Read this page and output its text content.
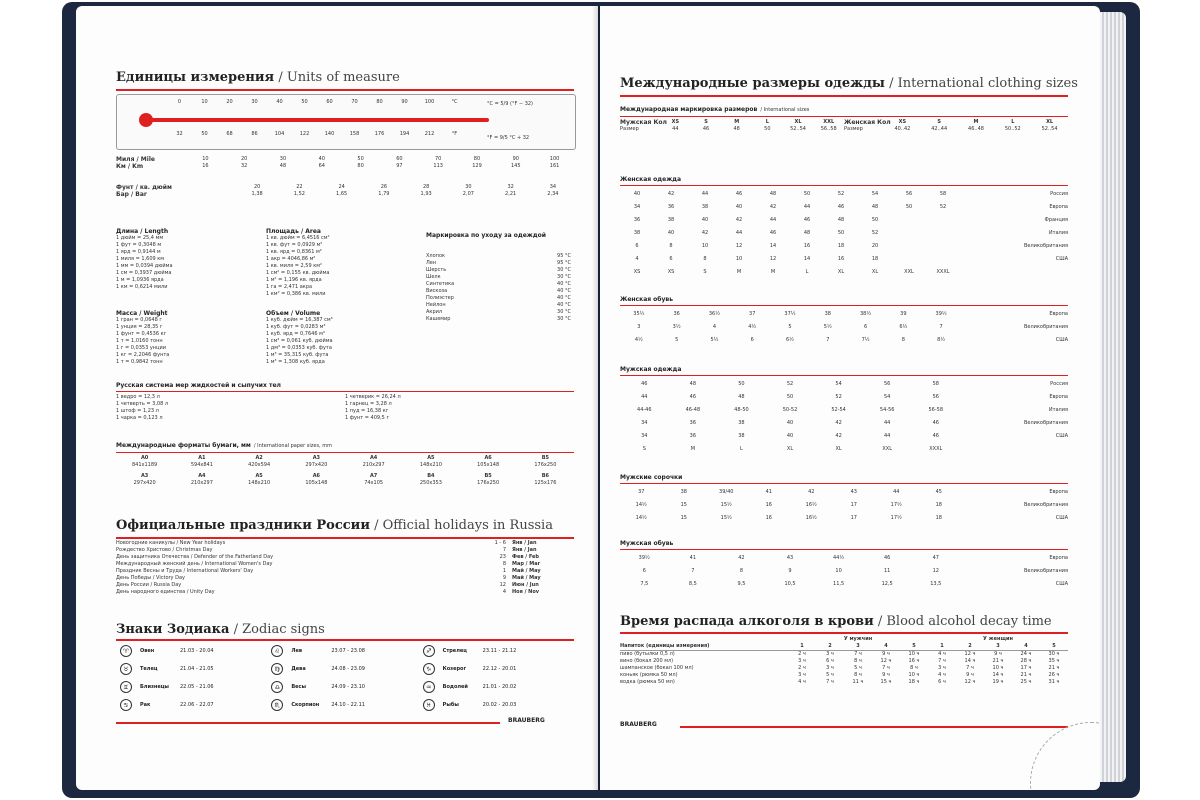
Единицы измерения / Units of measure
0	10	20	30	40	50	60	70	80	90	100	°C
32	50	68	86	104	122	140	158	176	194	212	°F
°C = 5/9 (°F − 32)
°F = 9/5 °C + 32
Миля / Mile	10	20	30	40	50	60	70	80	90	100
Км / Km	16	32	48	64	80	97	113	129	145	161
Фунт / кв. дюйм	20	22	24	26	28	30	32	34
Бар / Bar	1,38	1,52	1,65	1,79	1,93	2,07	2,21	2,34
Длина / Length
1 дюйм = 25,4 мм
1 фут = 0,3048 м
1 ярд = 0,9144 м
1 миля = 1,609 км
1 мм = 0,0394 дюйма
1 см = 0,3937 дюйма
1 м = 1,0936 ярда
1 км = 0,6214 мили
Площадь / Area
1 кв. дюйм = 6,4516 см²
1 кв. фут = 0,0929 м²
1 кв. ярд = 0,8361 м²
1 акр = 4046,86 м²
1 кв. миля = 2,59 км²
1 см² = 0,155 кв. дюйма
1 м² = 1,196 кв. ярда
1 га = 2,471 акра
1 км² = 0,386 кв. мили
Масса / Weight
1 гран = 0,0648 г
1 унция = 28,35 г
1 фунт = 0,4536 кг
1 т = 1,0160 тонн
1 г = 0,0353 унции
1 кг = 2,2046 фунта
1 т = 0,9842 тонн
Объем / Volume
1 куб. дюйм = 16,387 см³
1 куб. фут = 0,0283 м³
1 куб. ярд = 0,7646 м³
1 см³ = 0,061 куб. дюйма
1 дм³ = 0,0353 куб. фута
1 м³ = 35,315 куб. фута
1 м³ = 1,308 куб. ярда
Маркировка по уходу за одеждой
Хлопок	95 °C
Лен	95 °C
Шерсть	30 °C
Шелк	30 °C
Синтетика	40 °C
Вискоза	40 °C
Полиэстер	40 °C
Нейлон	40 °C
Акрил	30 °C
Кашемир	30 °C
Русская система мер жидкостей и сыпучих тел
1 ведро = 12,3 л
1 четверть = 3,08 л
1 штоф = 1,23 л
1 чарка = 0,123 л
1 четверик = 26,24 л
1 гарнец = 3,28 л
1 пуд = 16,38 кг
1 фунт = 409,5 г
Международные форматы бумаги, мм / International paper sizes, mm
A0	A1	A2	A3	A4	A5	A6	B5
841x1189	594x841	420x594	297x420	210x297	148x210	105x148	176x250
A3	A4	A5	A6	A7	B4	B5	B6
297x420	210x297	148x210	105x148	74x105	250x353	176x250	125x176
Официальные праздники России / Official holidays in Russia
Новогодние каникулы / New Year holidays	1 - 6	Янв / Jan
Рождество Христово / Christmas Day	7	Янв / Jan
День защитника Отечества / Defender of the Fatherland Day	23	Фев / Feb
Международный женский день / International Women's Day	8	Мар / Mar
Праздник Весны и Труда / International Workers' Day	1	Май / May
День Победы / Victory Day	9	Май / May
День России / Russia Day	12	Июн / Jun
День народного единства / Unity Day	4	Ноя / Nov
Знаки Зодиака / Zodiac signs
♈	Овен	21.03 - 20.04	♌	Лев	23.07 - 23.08	♐	Стрелец	23.11 - 21.12
♉	Телец	21.04 - 21.05	♍	Дева	24.08 - 23.09	♑	Козерог	22.12 - 20.01
♊	Близнецы	22.05 - 21.06	♎	Весы	24.09 - 23.10	♒	Водолей	21.01 - 20.02
♋	Рак	22.06 - 22.07	♏	Скорпион	24.10 - 22.11	♓	Рыбы	20.02 - 20.03
BRAUBERG
Международные размеры одежды / International clothing sizes
Международная маркировка размеров / International sizes
Мужская Кол XS	S	M	L	XL	XXL
Размер	44	46	48	50	52..54	56..58
Женская Кол	XS	S	M	L	XL
Размер	40..42	42..44	46..48	50..52	52..54
Женская одежда
40	42	44	46	48	50	52	54	56	58	Россия
34	36	38	40	42	44	46	48	50	52	Европа
36	38	40	42	44	46	48	50	Франция
38	40	42	44	46	48	50	52	Италия
6	8	10	12	14	16	18	20	Великобритания
4	6	8	10	12	14	16	18	США
XS	XS	S	M	M	L	XL	XL	XXL	XXXL
Женская обувь
35½	36	36½	37	37½	38	38½	39	39½	Европа
3	3½	4	4½	5	5½	6	6½	7	Великобритания
4½	5	5½	6	6½	7	7½	8	8½	США
Мужская одежда
46	48	50	52	54	56	58	Россия
44	46	48	50	52	54	56	Европа
44-46	46-48	48-50	50-52	52-54	54-56	56-58	Италия
34	36	38	40	42	44	46	Великобритания
34	36	38	40	42	44	46	США
S	M	L	XL	XL	XXL	XXXL
Мужские сорочки
37	38	39/40	41	42	43	44	45	Европа
14½	15	15½	16	16½	17	17½	18	Великобритания
14½	15	15½	16	16½	17	17½	18	США
Мужская обувь
39½	41	42	43	44½	46	47	Европа
6	7	8	9	10	11	12	Великобритания
7,5	8,5	9,5	10,5	11,5	12,5	13,5	США
Время распада алкоголя в крови / Blood alcohol decay time
У мужчин	У женщин
Напиток (единицы измерения)	1	2	3	4	5	1	2	3	4	5
пиво (бутылки 0,5 л)	2 ч	3 ч	7 ч	9 ч	10 ч	4 ч	12 ч	9 ч	24 ч	30 ч
вино (бокал 200 мл)	3 ч	6 ч	8 ч	12 ч	16 ч	7 ч	14 ч	21 ч	28 ч	35 ч
шампанское (бокал 100 мл)	2 ч	3 ч	5 ч	7 ч	8 ч	3 ч	7 ч	10 ч	17 ч	21 ч
коньяк (рюмка 50 мл)	3 ч	5 ч	8 ч	9 ч	10 ч	4 ч	9 ч	14 ч	21 ч	26 ч
водка (рюмка 50 мл)	4 ч	7 ч	11 ч	15 ч	18 ч	6 ч	12 ч	19 ч	25 ч	31 ч
BRAUBERG
